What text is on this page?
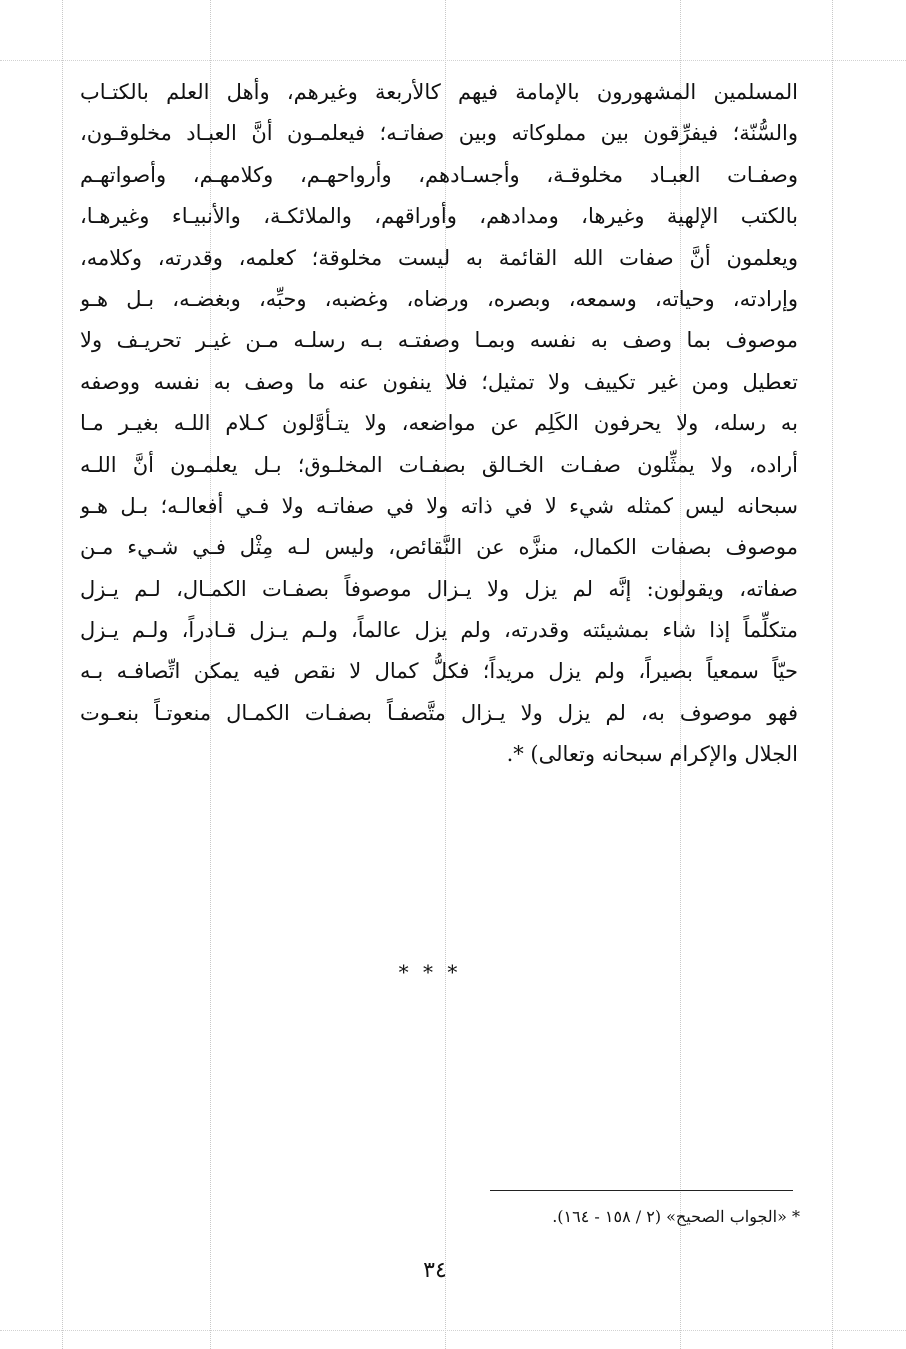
المسلمين المشهورون بالإمامة فيهم كالأربعة وغيرهم، وأهل العلم بالكتـاب
والسُّنّة؛ فيفرِّقون بين مملوكاته وبين صفاتـه؛ فيعلمـون أنَّ العبـاد مخلوقـون،
وصفـات العبـاد مخلوقـة، وأجسـادهم، وأرواحهـم، وكلامهـم، وأصواتهـم
بالكتب الإلهية وغيرها، ومدادهم، وأوراقهم، والملائكـة، والأنبيـاء وغيرهـا،
ويعلمون أنَّ صفات الله القائمة به ليست مخلوقة؛ كعلمه، وقدرته، وكلامه،
وإرادته، وحياته، وسمعه، وبصره، ورضاه، وغضبه، وحبِّه، وبغضـه، بـل هـو
موصوف بما وصف به نفسه وبمـا وصفتـه بـه رسلـه مـن غيـر تحريـف ولا
تعطيل ومن غير تكييف ولا تمثيل؛ فلا ينفون عنه ما وصف به نفسه ووصفه
به رسله، ولا يحرفون الكَلِم عن مواضعه، ولا يتـأوَّلون كـلام اللـه بغيـر مـا
أراده، ولا يمثِّلون صفـات الخـالق بصفـات المخلـوق؛ بـل يعلمـون أنَّ اللـه
سبحانه ليس كمثله شيء لا في ذاته ولا في صفاتـه ولا فـي أفعالـه؛ بـل هـو
موصوف بصفات الكمال، منزَّه عن النَّقائص، وليس لـه مِثْل فـي شـيء مـن
صفاته، ويقولون: إنَّه لم يزل ولا يـزال موصوفاً بصفـات الكمـال، لـم يـزل
متكلِّماً إذا شاء بمشيئته وقدرته، ولم يزل عالماً، ولـم يـزل قـادراً، ولـم يـزل
حيّاً سمعياً بصيراً، ولم يزل مريداً؛ فكلُّ كمال لا نقص فيه يمكن اتِّصافـه بـه
فهو موصوف به، لم يزل ولا يـزال متَّصفـاً بصفـات الكمـال منعوتـاً بنعـوت
الجلال والإكرام سبحانه وتعالى) *.
* * *
* «الجواب الصحيح» (٢ / ١٥٨ - ١٦٤).
٣٤
